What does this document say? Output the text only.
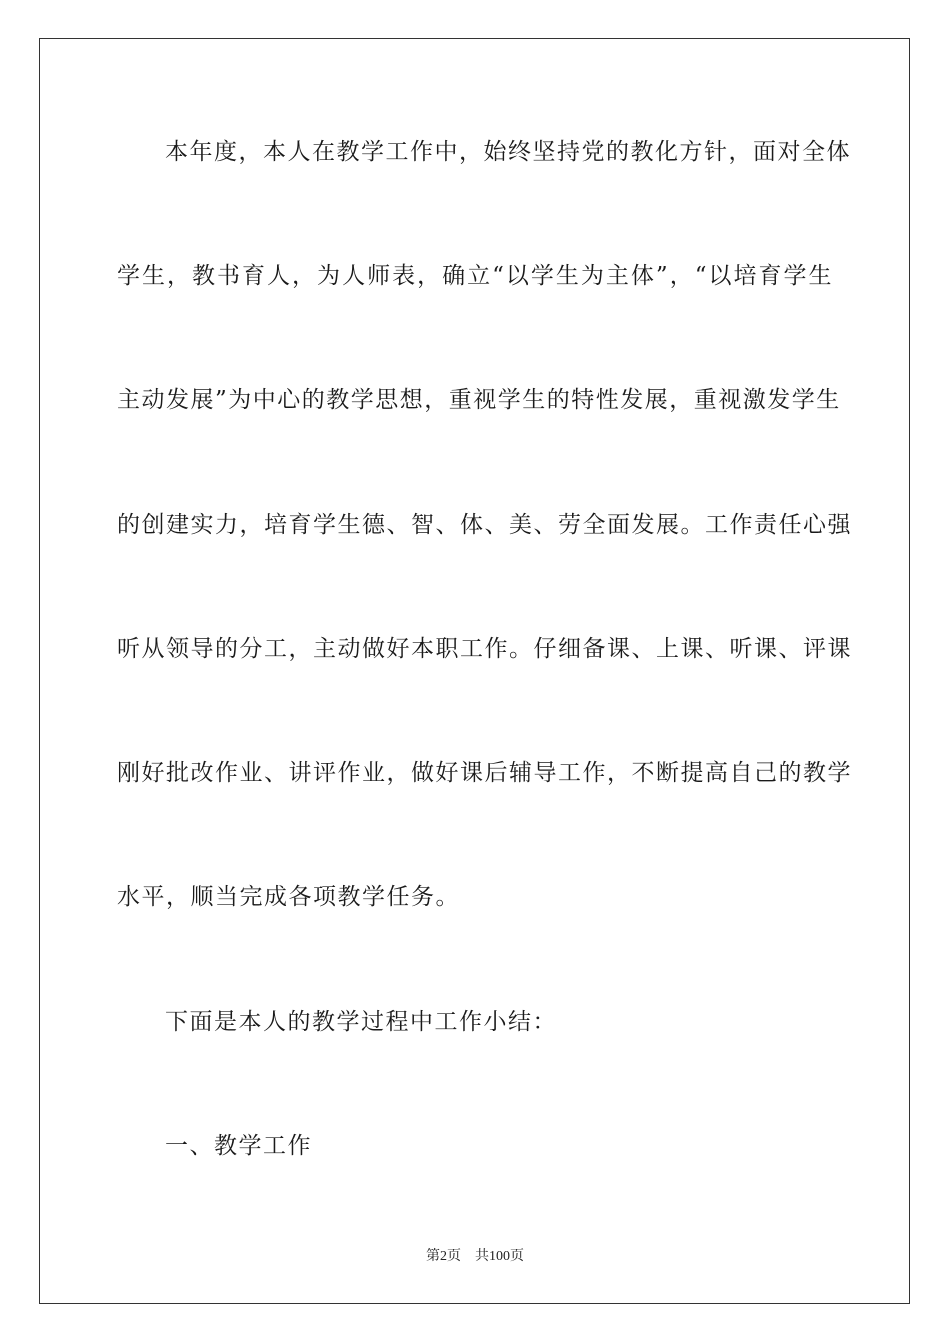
本年度，本人在教学工作中，始终坚持党的教化方针，面对全体
学生，教书育人，为人师表，确立“以学生为主体”，“以培育学生
主动发展”为中心的教学思想，重视学生的特性发展，重视激发学生
的创建实力，培育学生德、智、体、美、劳全面发展。工作责任心强
听从领导的分工，主动做好本职工作。仔细备课、上课、听课、评课
刚好批改作业、讲评作业，做好课后辅导工作，不断提高自己的教学
水平，顺当完成各项教学任务。
下面是本人的教学过程中工作小结：
一、教学工作
第2页 共100页
